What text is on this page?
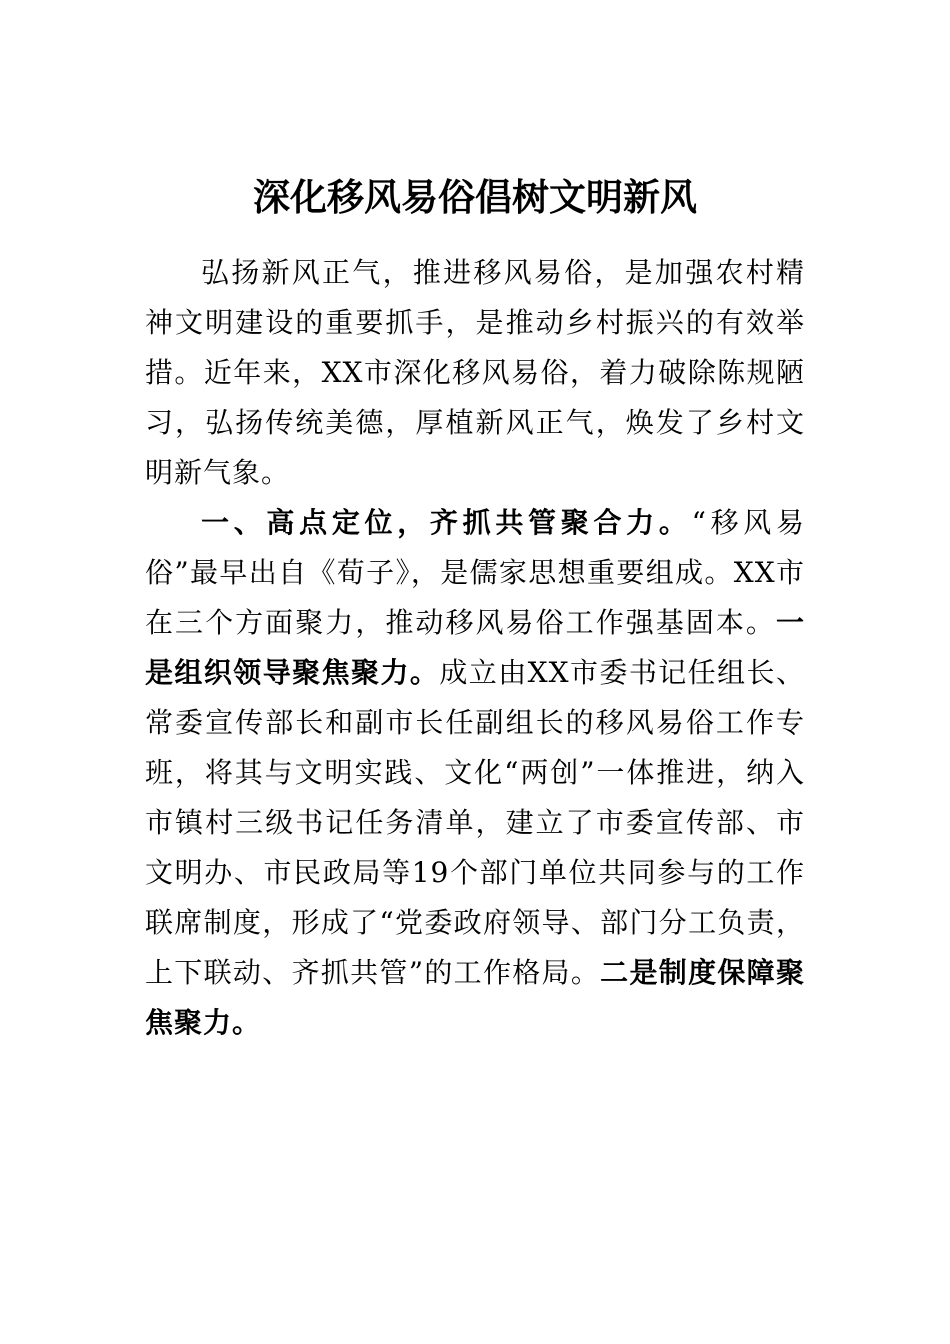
深化移风易俗倡树文明新风

弘扬新风正气，推进移风易俗，是加强农村精神文明建设的重要抓手，是推动乡村振兴的有效举措。近年来，XX市深化移风易俗，着力破除陈规陋习，弘扬传统美德，厚植新风正气，焕发了乡村文明新气象。

一、高点定位，齐抓共管聚合力。“移风易俗”最早出自《荀子》，是儒家思想重要组成。XX市在三个方面聚力，推动移风易俗工作强基固本。一是组织领导聚焦聚力。成立由XX市委书记任组长、常委宣传部长和副市长任副组长的移风易俗工作专班，将其与文明实践、文化“两创”一体推进，纳入市镇村三级书记任务清单，建立了市委宣传部、市文明办、市民政局等19个部门单位共同参与的工作联席制度，形成了“党委政府领导、部门分工负责，上下联动、齐抓共管”的工作格局。二是制度保障聚焦聚力。
